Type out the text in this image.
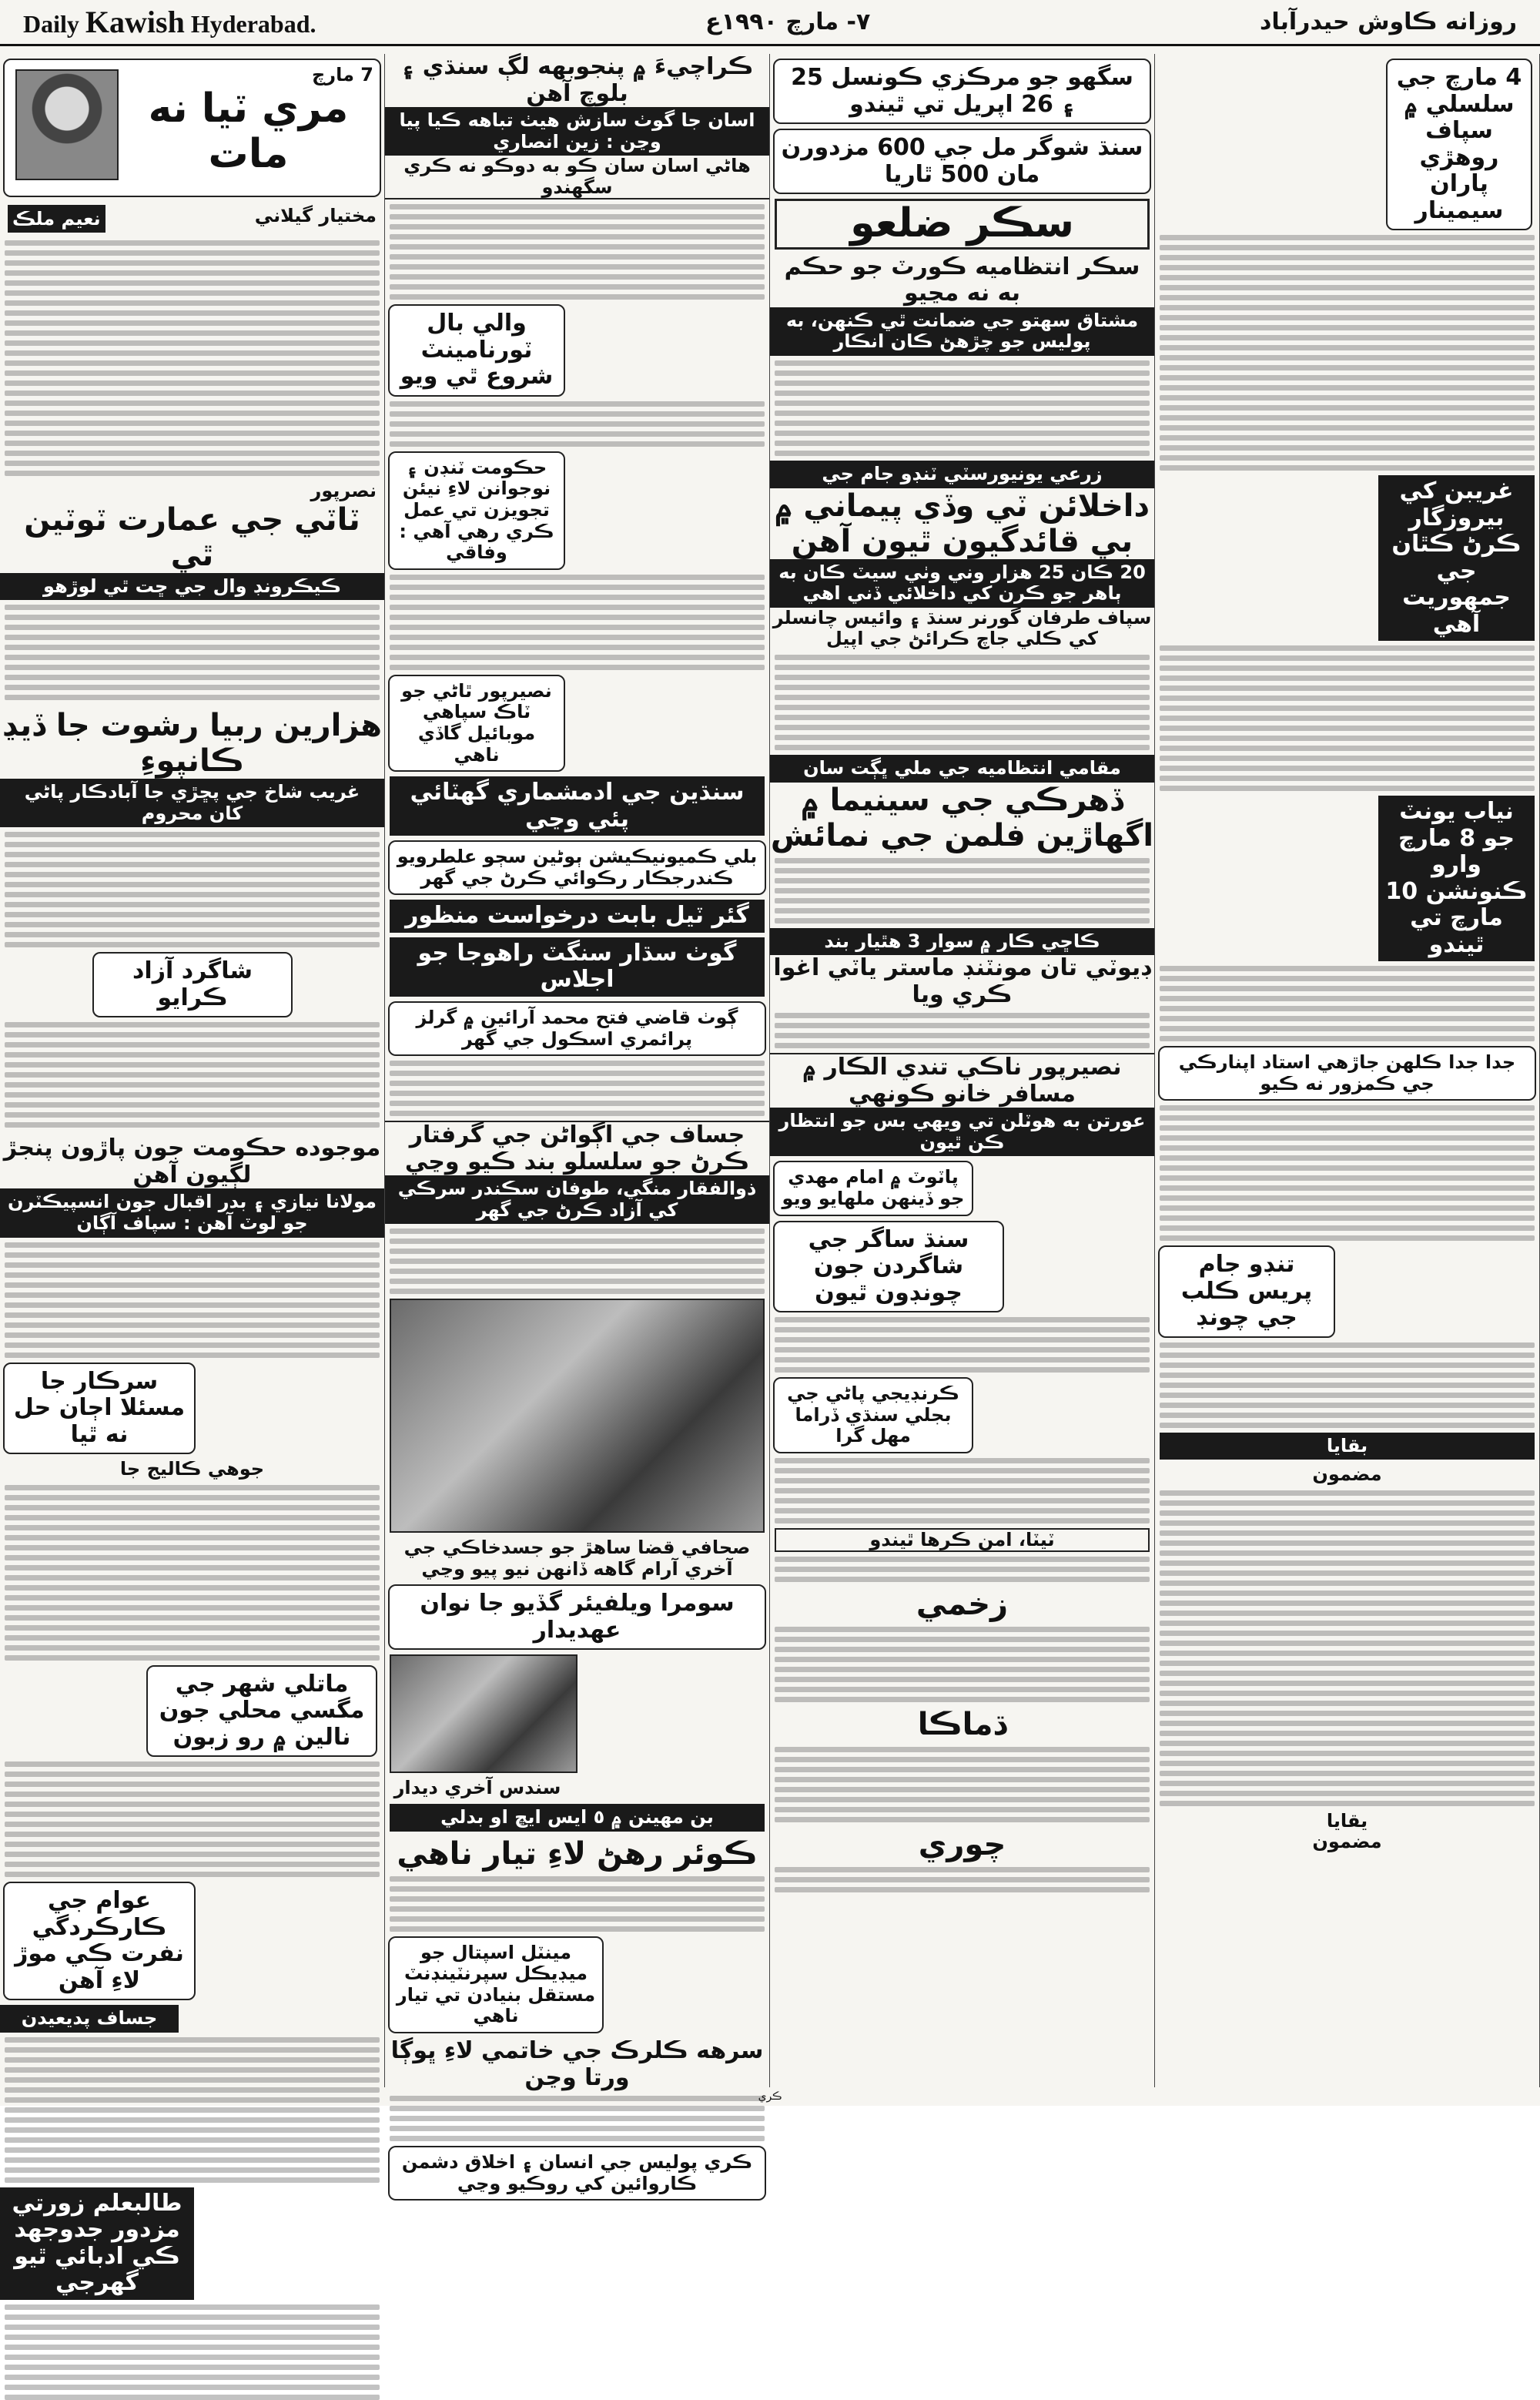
Daily Kawish Hyderabad.	٧- مارچ ١٩٩٠ع	روزانه ڪاوش حيدرآباد
7 مارچ
مري ٽيا نه مات
مختيار گيلاني
نعيم ملڪ
نصرپور
ٽاٽي جي عمارت ٽوٽين ٿي
ڪيڪرونڊ وال جي ڇت ٿي لوڙهو
هزارين ربيا رشوت جا ڏيڍ ڪانپوءِ
غريب شاخ جي پڇڙي جا آبادڪار پاڻي کان محروم
شاگرد آزاد ڪرايو
موجوده حڪومت جون پاڙون پنجڙ لڳيون آهن
مولانا نيازي ۽ بدر اقبال جون انسپيڪٽرن جو لوٽ آهن : سپاف آڳان
سرڪار جا مسئلا اڄان حل نه ٿيا
جوهي ڪاليج جا
ماتلي شهر جي مگسي محلي جون نالين ۾ رو زبون
عوام جي ڪارڪردگي نفرت ڪي موڙ لاءِ آهن
جساف پديعيدن
طالبعلم زورتي مزدور جدوجهد ڪي ادبائي ٿيو گهرجي
ڪراچيءَ ۾ پنجوبهه لڳ سنڌي ۽ بلوچ آهن
اسان جا گوٺ سازش هيٺ تباهه ڪيا پيا وڃن : زين انصاري
هاڻي اسان سان ڪو به دوڪو نه ڪري سگهندو
والي بال ٽورنامينٽ شروع ٿي ويو
حڪومت ٽنڊن ۽ نوجوانن لاءِ نيئن تجويزن تي عمل ڪري رهي آهي : وفاقي
نصيرپور ٿاڻي جو ٽاڪ سپاهي موبائيل گاڏي ناهي
سنڌين جي ادمشماري گهٽائي پئي وڃي
بلي ڪميونيڪيشن ٻوڻين سڄو علطرويو ڪندرجڪار رڪوائي ڪرڻ جي گهر
گئر ٽيل بابت درخواست منظور
گوٺ سڌار سنگٽ راهوجا جو اجلاس
ڳوٺ قاضي فتح محمد آرائين ۾ گرلز پرائمري اسڪول جي گهر
جساف جي اڳواڻن جي گرفتار ڪرڻ جو سلسلو بند ڪيو وڃي
ذوالفقار منگي، طوفان سڪندر سرڪي کي آزاد ڪرڻ جي گهر
صحافي قضا ساهڙ جو جسدخاڪي جي آخري آرام گاهه ڏانهن نيو پيو وڃي
سومرا ويلفيئر گڏيو جا نوان عهديدار
سندس آخري ديدار
بن مهينن ۾ ٥ ايس ايڇ او بدلي
ڪوئر رهڻ لاءِ تيار ناهي
مينٽل اسپتال جو ميڊيڪل سپرنٽينڊنٽ مستقل بنيادن تي تيار ناهي
سرهه ڪلرڪ جي خاتمي لاءِ ڀوڳا ورتا وڃن
ڪري پوليس جي انسان ۽ اخلاق دشمن ڪاروائين کي روڪيو وڃي
سگهو جو مرڪزي ڪونسل 25 ۽ 26 اپريل تي ٿيندو
سنڌ شوگر مل جي 600 مزدورن مان 500 ٿاريا
سڪر ضلعو
سڪر انتظاميه ڪورٽ جو حڪم به نه مڃيو
مشتاق سهتو جي ضمانت ٿي ڪنهن، به پوليس جو چڙهڻ ڪان انڪار
زرعي يونيورسٽي ٽنڊو جام جي
داخلائن ٽي وڏي پيماني ۾ بي قائدگيون ٿيون آهن
20 ڪان 25 هزار وني وٺي سيٽ ڪان به ٻاهر جو ڪرن کي داخلائي ڏني اهي
سپاف طرفان گورنر سنڌ ۽ وائيس چانسلر کي ڪلي جاچ ڪرائڻ جي اپيل
مقامي انتظاميه جي ملي ڀڳت سان
ڏهرڪي جي سينيما ۾ اگهاڙين فلمن جي نمائش
ڪاڇي ڪار ۾ سوار 3 هٿيار بند
ڊيوٽي تان مونٽنڊ ماستر ياٽي اغوا ڪري ويا
نصيرپور ناڪي تندي الڪار ۾ مسافر خانو ڪونهي
عورتن به هوٽلن تي ويهي بس جو انتظار ڪن ٿيون
پاٽوٽ ۾ امام مهدي جو ڏينهن ملهايو ويو
سنڌ ساگر جي شاگردن جون چونڊون ٿيون
ڪرنڊيجي پاڻي جي بجلي سنڌي ڏراما مهل گرا
ٽيٽا، امن ڪرها ٿيندو
زخمي
ڌماڪا
چوري
4 مارچ جي سلسلي ۾ سپاف روهڙي پاران سيمينار
غريبن کي بيروزگار ڪرڻ ڪٿان جي جمهوريت آهي
نياب يونٽ جو 8 مارچ وارو ڪنونشن 10 مارچ تي ٿيندو
جدا جدا ڪلهن جاڙهي استاد اپنارڪي جي ڪمزور نه ڪيو
تنڊو جام پريس ڪلب جي چونڊ
بقايا
مضمون
يقايا
مضمون
ڪري
